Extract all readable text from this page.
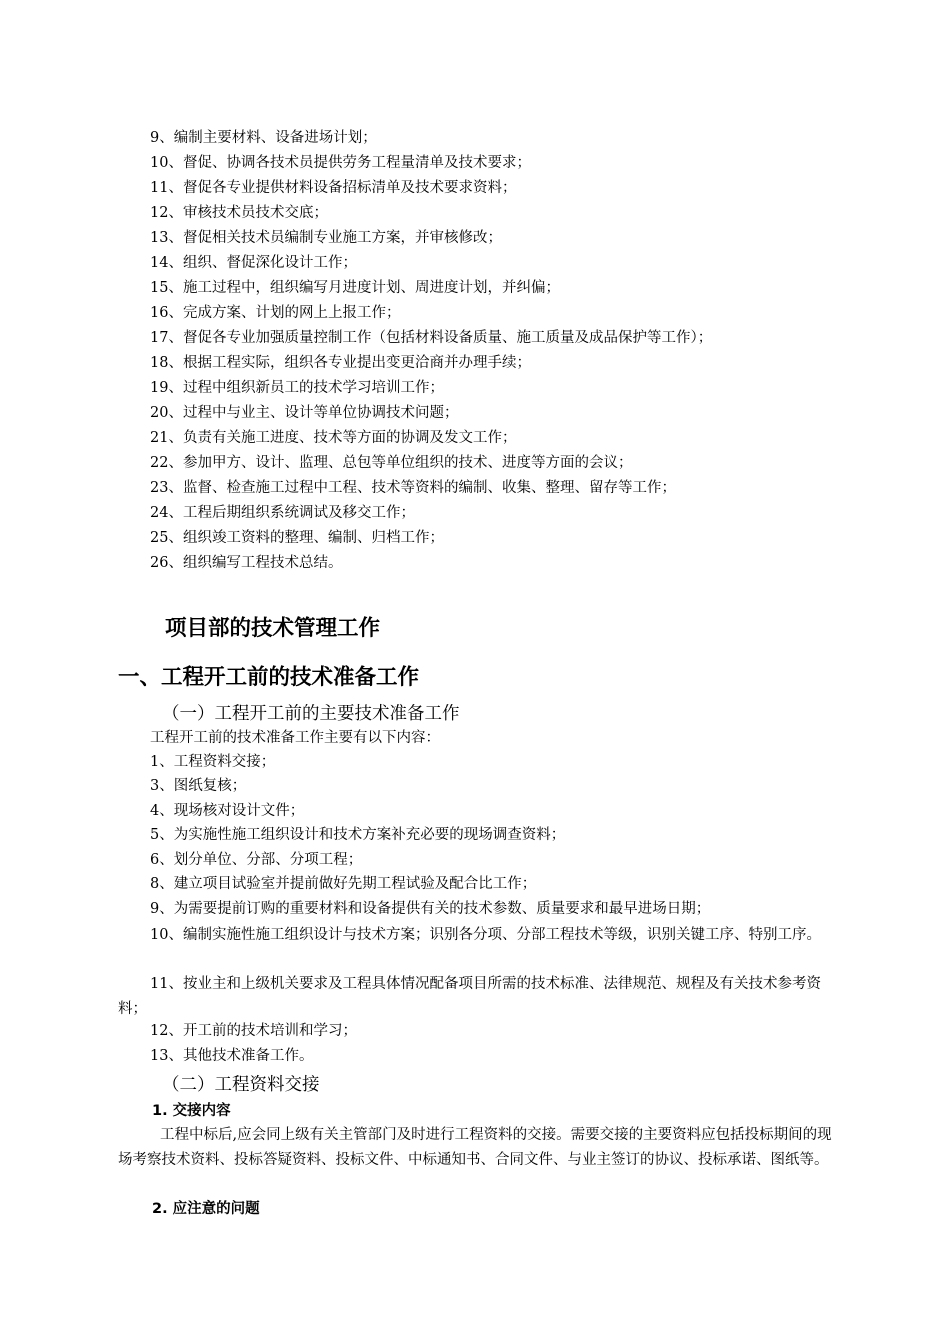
9、编制主要材料、设备进场计划；
10、督促、协调各技术员提供劳务工程量清单及技术要求；
11、督促各专业提供材料设备招标清单及技术要求资料；
12、审核技术员技术交底；
13、督促相关技术员编制专业施工方案，并审核修改；
14、组织、督促深化设计工作；
15、施工过程中，组织编写月进度计划、周进度计划，并纠偏；
16、完成方案、计划的网上上报工作；
17、督促各专业加强质量控制工作（包括材料设备质量、施工质量及成品保护等工作）；
18、根据工程实际，组织各专业提出变更洽商并办理手续；
19、过程中组织新员工的技术学习培训工作；
20、过程中与业主、设计等单位协调技术问题；
21、负责有关施工进度、技术等方面的协调及发文工作；
22、参加甲方、设计、监理、总包等单位组织的技术、进度等方面的会议；
23、监督、检查施工过程中工程、技术等资料的编制、收集、整理、留存等工作；
24、工程后期组织系统调试及移交工作；
25、组织竣工资料的整理、编制、归档工作；
26、组织编写工程技术总结。
项目部的技术管理工作
一、工程开工前的技术准备工作
（一）工程开工前的主要技术准备工作
工程开工前的技术准备工作主要有以下内容：
1、工程资料交接；
3、图纸复核；
4、现场核对设计文件；
5、为实施性施工组织设计和技术方案补充必要的现场调查资料；
6、划分单位、分部、分项工程；
8、建立项目试验室并提前做好先期工程试验及配合比工作；
9、为需要提前订购的重要材料和设备提供有关的技术参数、质量要求和最早进场日期；
10、编制实施性施工组织设计与技术方案；识别各分项、分部工程技术等级，识别关键工序、特别工序。
11、按业主和上级机关要求及工程具体情况配备项目所需的技术标准、法律规范、规程及有关技术参考资料；
12、开工前的技术培训和学习；
13、其他技术准备工作。
（二）工程资料交接
1. 交接内容
工程中标后,应会同上级有关主管部门及时进行工程资料的交接。需要交接的主要资料应包括投标期间的现场考察技术资料、投标答疑资料、投标文件、中标通知书、合同文件、与业主签订的协议、投标承诺、图纸等。
2. 应注意的问题
